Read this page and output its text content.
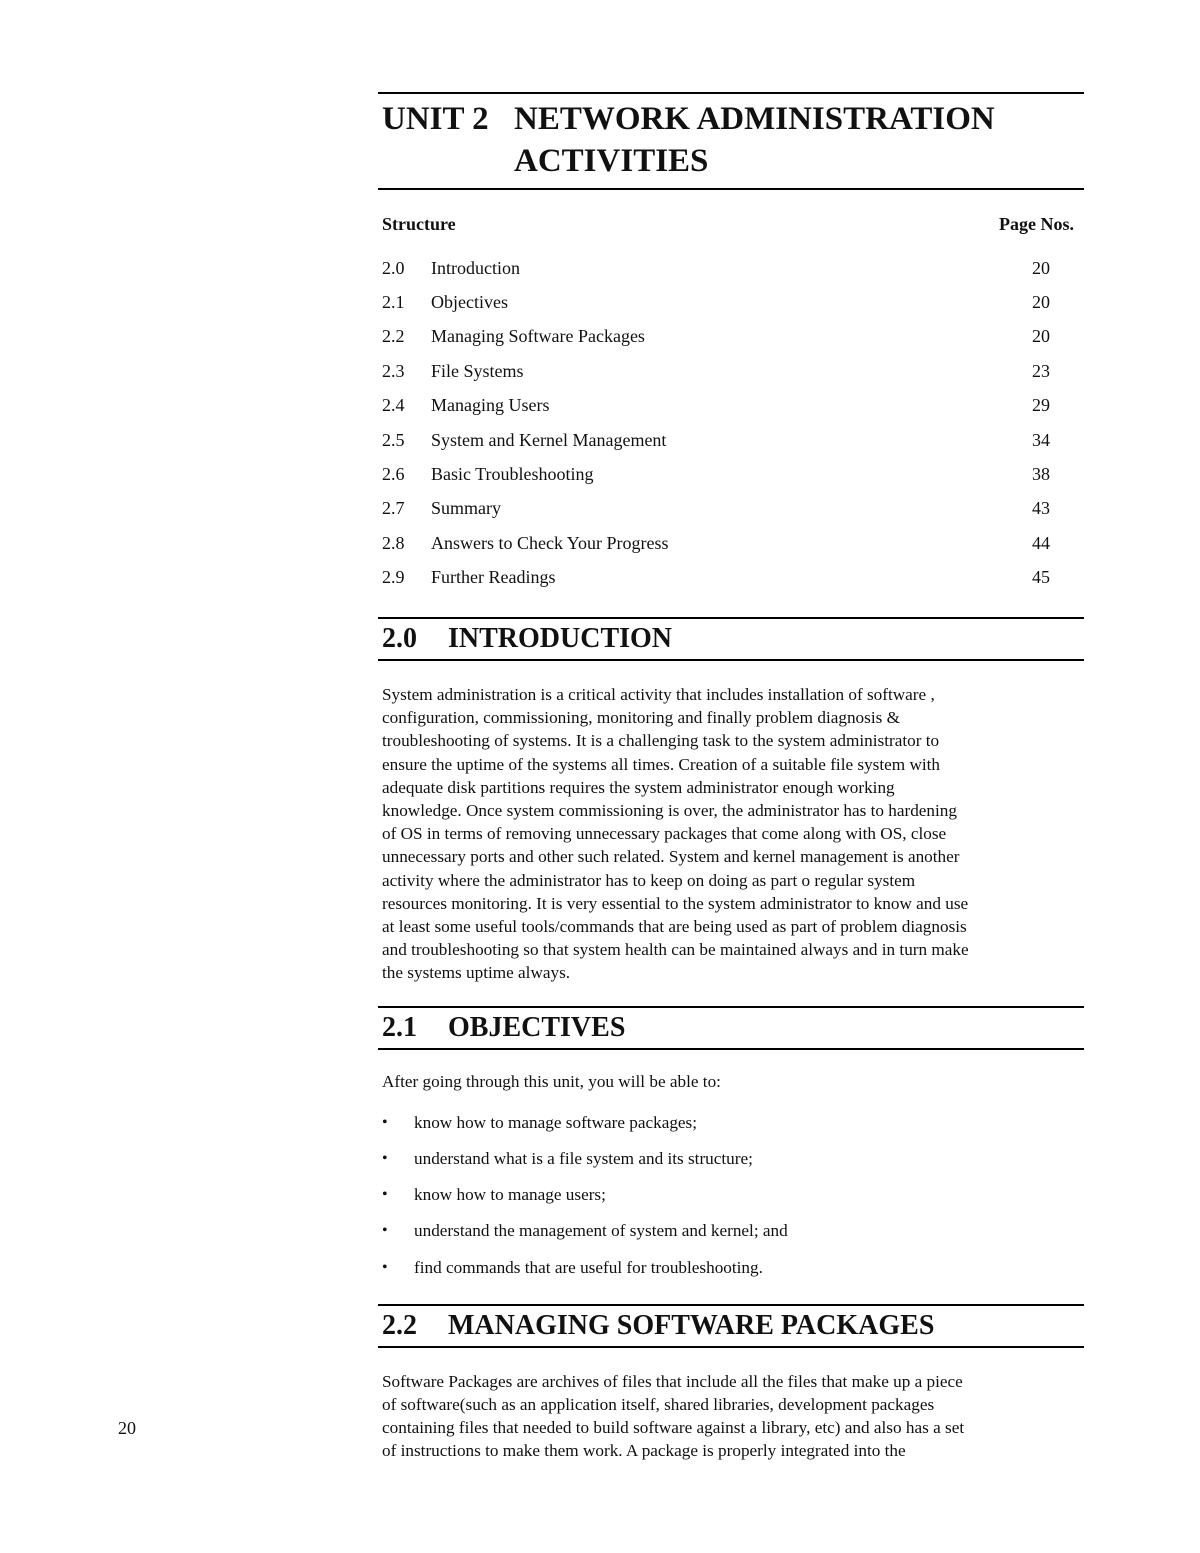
20
UNIT 2 NETWORK ADMINISTRATION
ACTIVITIES
Structure	Page Nos.
2.0	Introduction	20
2.1	Objectives	20
2.2	Managing Software Packages	20
2.3	File Systems	23
2.4	Managing Users	29
2.5	System and Kernel Management	34
2.6	Basic Troubleshooting	38
2.7	Summary	43
2.8	Answers to Check Your Progress	44
2.9	Further Readings	45
2.0	INTRODUCTION
System administration is a critical activity that includes installation of software ,
configuration, commissioning, monitoring and finally problem diagnosis &
troubleshooting of systems. It is a challenging task to the system administrator to
ensure the uptime of the systems all times. Creation of a suitable file system with
adequate disk partitions requires the system administrator enough working
knowledge. Once system commissioning is over, the administrator has to hardening
of OS in terms of removing unnecessary packages that come along with OS, close
unnecessary ports and other such related. System and kernel management is another
activity where the administrator has to keep on doing as part o regular system
resources monitoring. It is very essential to the system administrator to know and use
at least some useful tools/commands that are being used as part of problem diagnosis
and troubleshooting so that system health can be maintained always and in turn make
the systems uptime always.
2.1	OBJECTIVES
After going through this unit, you will be able to:
•	know how to manage software packages;
•	understand what is a file system and its structure;
•	know how to manage users;
•	understand the management of system and kernel; and
•	find commands that are useful for troubleshooting.
2.2	MANAGING SOFTWARE PACKAGES
Software Packages are archives of files that include all the files that make up a piece
of software(such as an application itself, shared libraries, development packages
containing files that needed to build software against a library, etc) and also has a set
of instructions to make them work. A package is properly integrated into the
